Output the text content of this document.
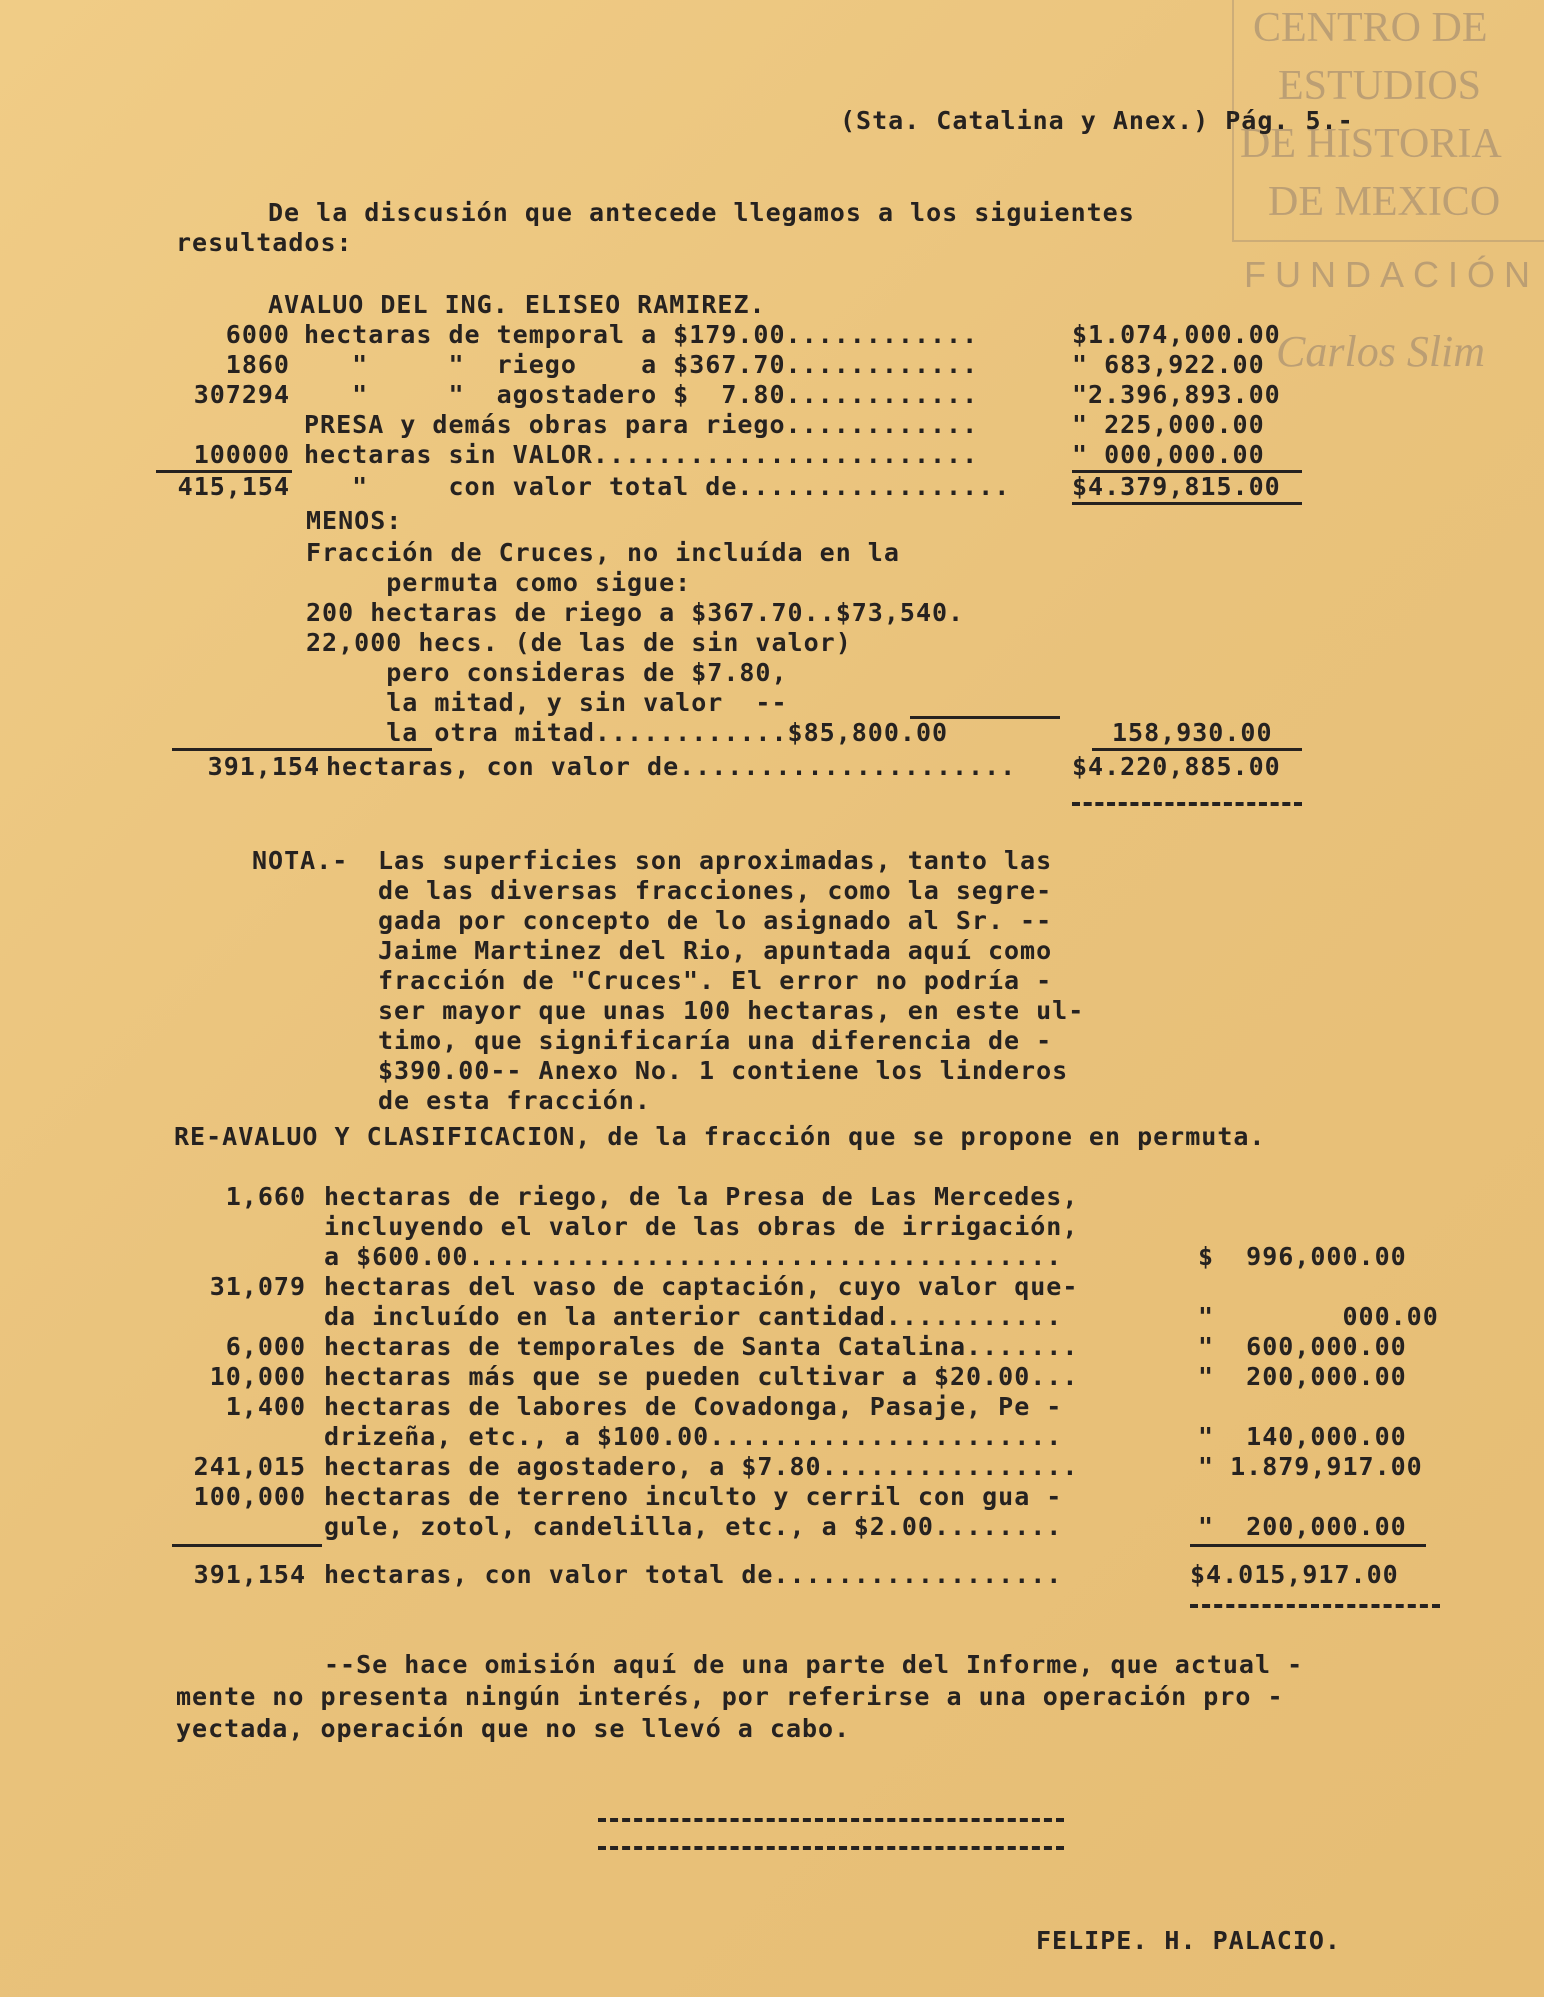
CENTRO DE
ESTUDIOS
DE HISTORIA
DE MEXICO
FUNDACIÓN
Carlos Slim
(Sta. Catalina y Anex.) Pág. 5.-
De la discusión que antecede llegamos a los siguientes
resultados:
AVALUO DEL ING. ELISEO RAMIREZ.
6000 hectaras de temporal a $179.00............	$1.074,000.00
1860 "     "  riego    a $367.70............	" 683,922.00
307294 "     "  agostadero $  7.80............	"2.396,893.00
PRESA y demás obras para riego............	" 225,000.00
100000 hectaras sin VALOR........................	" 000,000.00
415,154 "     con valor total de................. $4.379,815.00
MENOS:
Fracción de Cruces, no incluída en la
permuta como sigue:
200 hectaras de riego a $367.70..$73,540.
22,000 hecs. (de las de sin valor)
pero consideras de $7.80,
la mitad, y sin valor  --
la otra mitad............$85,800.00	158,930.00
391,154 hectaras, con valor de..................... $4.220,885.00
NOTA.- Las superficies son aproximadas, tanto las
de las diversas fracciones, como la segre-
gada por concepto de lo asignado al Sr. --
Jaime Martinez del Rio, apuntada aquí como
fracción de "Cruces". El error no podría -
ser mayor que unas 100 hectaras, en este ul-
timo, que significaría una diferencia de -
$390.00-- Anexo No. 1 contiene los linderos
de esta fracción.
RE-AVALUO Y CLASIFICACION, de la fracción que se propone en permuta.
1,660 hectaras de riego, de la Presa de Las Mercedes,
incluyendo el valor de las obras de irrigación,
a $600.00.....................................	$  996,000.00
31,079 hectaras del vaso de captación, cuyo valor que-
da incluído en la anterior cantidad...........	"        000.00
6,000 hectaras de temporales de Santa Catalina.......	"  600,000.00
10,000 hectaras más que se pueden cultivar a $20.00...	"  200,000.00
1,400 hectaras de labores de Covadonga, Pasaje, Pe -
drizeña, etc., a $100.00......................	"  140,000.00
241,015 hectaras de agostadero, a $7.80................	" 1.879,917.00
100,000 hectaras de terreno inculto y cerril con gua -
gule, zotol, candelilla, etc., a $2.00........	"  200,000.00
391,154 hectaras, con valor total de..................	$4.015,917.00
--Se hace omisión aquí de una parte del Informe, que actual -
mente no presenta ningún interés, por referirse a una operación pro -
yectada, operación que no se llevó a cabo.
FELIPE. H. PALACIO.
